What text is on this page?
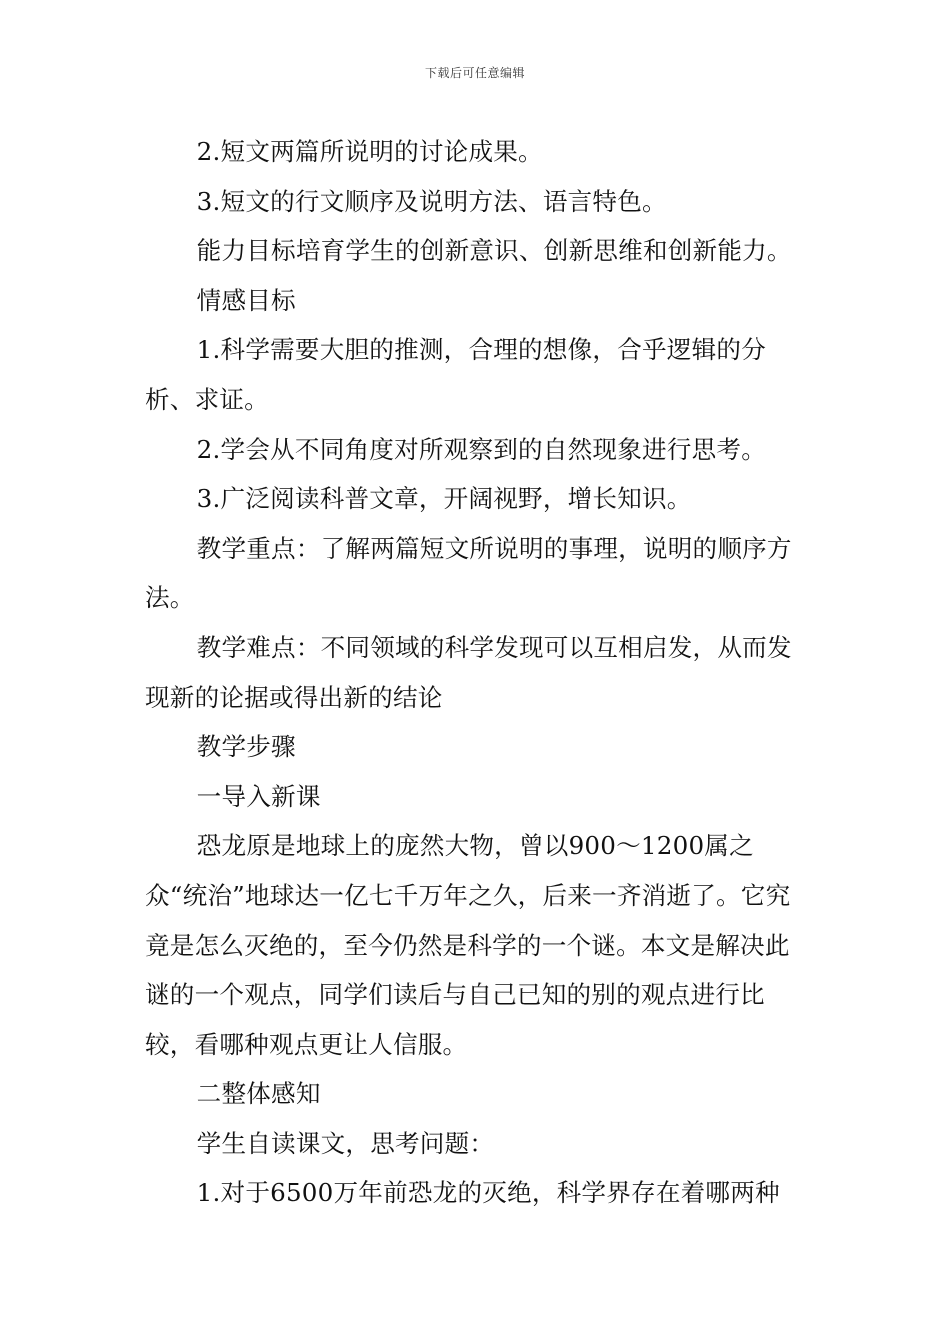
下载后可任意编辑

2.短文两篇所说明的讨论成果。

3.短文的行文顺序及说明方法、语言特色。

能力目标培育学生的创新意识、创新思维和创新能力。

情感目标

1.科学需要大胆的推测，合理的想像，合乎逻辑的分析、求证。

2.学会从不同角度对所观察到的自然现象进行思考。

3.广泛阅读科普文章，开阔视野，增长知识。

教学重点：了解两篇短文所说明的事理，说明的顺序方法。

教学难点：不同领域的科学发现可以互相启发，从而发现新的论据或得出新的结论

教学步骤

一导入新课

恐龙原是地球上的庞然大物，曾以900～1200属之众“统治”地球达一亿七千万年之久，后来一齐消逝了。它究竟是怎么灭绝的，至今仍然是科学的一个谜。本文是解决此谜的一个观点，同学们读后与自己已知的别的观点进行比较，看哪种观点更让人信服。

二整体感知

学生自读课文，思考问题：

1.对于6500万年前恐龙的灭绝，科学界存在着哪两种
